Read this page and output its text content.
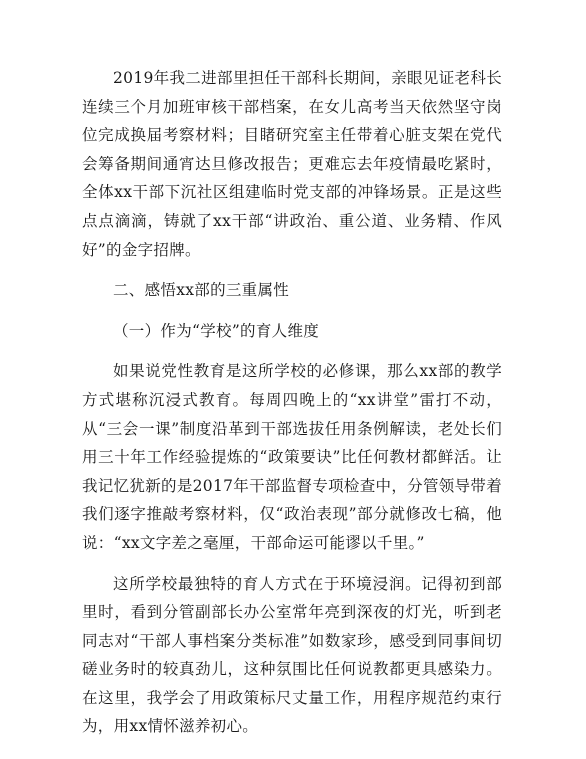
2019年我二进部里担任干部科长期间，亲眼见证老科长连续三个月加班审核干部档案，在女儿高考当天依然坚守岗位完成换届考察材料；目睹研究室主任带着心脏支架在党代会筹备期间通宵达旦修改报告；更难忘去年疫情最吃紧时，全体xx干部下沉社区组建临时党支部的冲锋场景。正是这些点点滴滴，铸就了xx干部“讲政治、重公道、业务精、作风好”的金字招牌。

二、感悟xx部的三重属性

（一）作为“学校”的育人维度

如果说党性教育是这所学校的必修课，那么xx部的教学方式堪称沉浸式教育。每周四晚上的“xx讲堂”雷打不动，从“三会一课”制度沿革到干部选拔任用条例解读，老处长们用三十年工作经验提炼的“政策要诀”比任何教材都鲜活。让我记忆犹新的是2017年干部监督专项检查中，分管领导带着我们逐字推敲考察材料，仅“政治表现”部分就修改七稿，他说：“xx文字差之毫厘，干部命运可能谬以千里。”

这所学校最独特的育人方式在于环境浸润。记得初到部里时，看到分管副部长办公室常年亮到深夜的灯光，听到老同志对“干部人事档案分类标准”如数家珍，感受到同事间切磋业务时的较真劲儿，这种氛围比任何说教都更具感染力。在这里，我学会了用政策标尺丈量工作，用程序规范约束行为，用xx情怀滋养初心。
